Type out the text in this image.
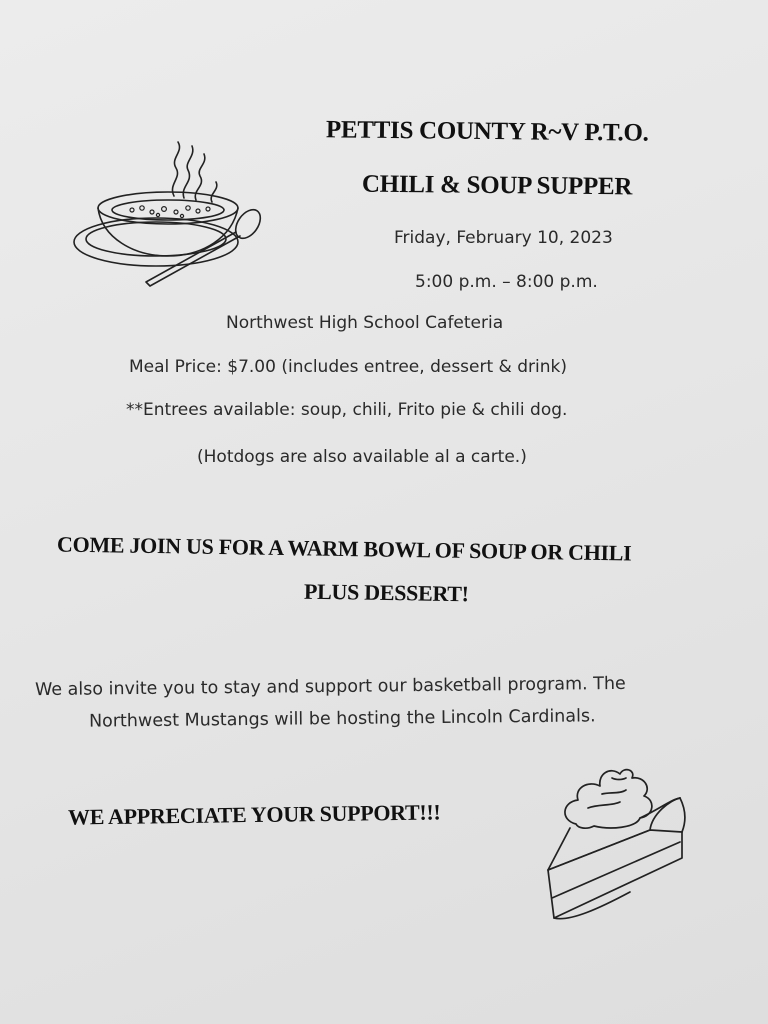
PETTIS COUNTY R~V P.T.O.
CHILI & SOUP SUPPER
Friday, February 10, 2023
5:00 p.m. – 8:00 p.m.
Northwest High School Cafeteria
Meal Price: $7.00 (includes entree, dessert & drink)
**Entrees available: soup, chili, Frito pie & chili dog.
(Hotdogs are also available al a carte.)
COME JOIN US FOR A WARM BOWL OF SOUP OR CHILI
PLUS DESSERT!
We also invite you to stay and support our basketball program. The
Northwest Mustangs will be hosting the Lincoln Cardinals.
WE APPRECIATE YOUR SUPPORT!!!
